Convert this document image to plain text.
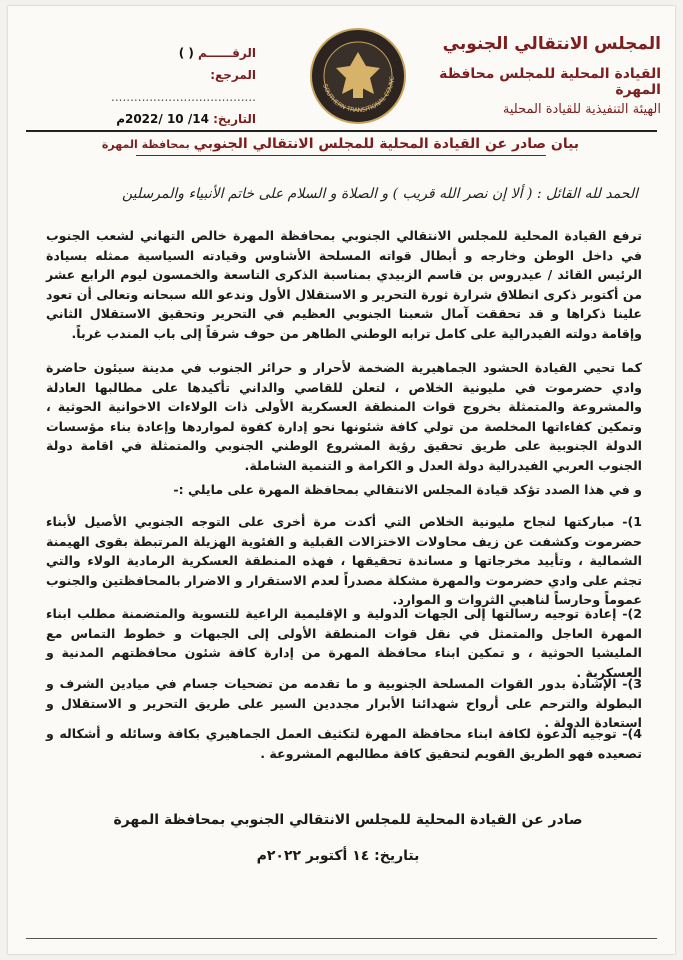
المجلس الانتقالي الجنوبي
القيادة المحلية للمجلس محافظة المهرة
الهيئة التنفيذية للقيادة المحلية
SOUTHERN TRANSITIONAL COUNC
الرقــــــم ( )
المرجع: ......................................
التاريخ: 14/ 10 /2022م
بيان صادر عن القيادة المحلية للمجلس الانتقالي الجنوبي بمحافظة المهرة
الحمد لله القائل : ( ألا إن نصر الله قريب ) و الصلاة و السلام على خاتم الأنبياء والمرسلين
ترفع القيادة المحلية للمجلس الانتقالي الجنوبي بمحافظة المهرة خالص التهاني لشعب الجنوب في داخل الوطن وخارجه و أبطال قواته المسلحة الأشاوس وقيادته السياسية ممثله بسيادة الرئيس القائد / عيدروس بن قاسم الزبيدي بمناسبة الذكرى التاسعة والخمسون ليوم الرابع عشر من أكتوبر ذكرى انطلاق شرارة ثورة التحرير و الاستقلال الأول وندعو الله سبحانه وتعالى أن تعود علينا ذكراها و قد تحققت آمال شعبنا الجنوبي العظيم في التحرير وتحقيق الاستقلال الثاني وإقامة دولته الفيدرالية على كامل ترابه الوطني الطاهر من حوف شرقاً إلى باب المندب غرباً.
كما تحيي القيادة الحشود الجماهيرية الضخمة لأحرار و حرائر الجنوب في مدينة سيئون حاضرة وادي حضرموت في مليونية الخلاص ، لتعلن للقاصي والداني تأكيدها على مطالبها العادلة والمشروعة والمتمثلة بخروج قوات المنطقة العسكرية الأولى ذات الولاءات الاخوانية الحوثية ، وتمكين كفاءاتها المخلصة من تولي كافة شئونها نحو إدارة كفوة لمواردها وإعادة بناء مؤسسات الدولة الجنوبية على طريق تحقيق رؤية المشروع الوطني الجنوبي والمتمثلة في اقامة دولة الجنوب العربي الفيدرالية دولة العدل و الكرامة و التنمية الشاملة.
و في هذا الصدد تؤكد قيادة المجلس الانتقالي بمحافظة المهرة على مايلي :-
1)- مباركتها لنجاح مليونية الخلاص التي أكدت مرة أخرى على التوجه الجنوبي الأصيل لأبناء حضرموت وكشفت عن زيف محاولات الاختزالات القبلية و الفئوية الهزيلة المرتبطة بقوى الهيمنة الشمالية ، وتأييد مخرجاتها و مساندة تحقيقها ، فهذه المنطقة العسكرية الرمادية الولاء والتي تجثم على وادي حضرموت والمهرة مشكلة مصدراً لعدم الاستقرار و الاضرار بالمحافظتين والجنوب عموماً وحارساً لناهبي الثروات و الموارد.
2)- إعادة توجيه رسالتها إلى الجهات الدولية و الإقليمية الراعية للتسوية والمتضمنة مطلب ابناء المهرة العاجل والمتمثل في نقل قوات المنطقة الأولى إلى الجبهات و خطوط التماس مع المليشيا الحوثية ، و تمكين ابناء محافظة المهرة من إدارة كافة شئون محافظتهم المدنية و العسكرية .
3)- الإشادة بدور القوات المسلحة الجنوبية و ما تقدمه من تضحيات جسام في ميادين الشرف و البطولة والترحم على أرواح شهدائنا الأبرار مجددين السير على طريق التحرير و الاستقلال و استعادة الدولة .
4)- توجيه الدعوة لكافة ابناء محافظة المهرة لتكثيف العمل الجماهيري بكافة وسائله و أشكاله و تصعيده فهو الطريق القويم لتحقيق كافة مطالبهم المشروعة .
صادر عن القيادة المحلية للمجلس الانتقالي الجنوبي بمحافظة المهرة
بتاريخ: ١٤ أكتوبر ٢٠٢٢م
